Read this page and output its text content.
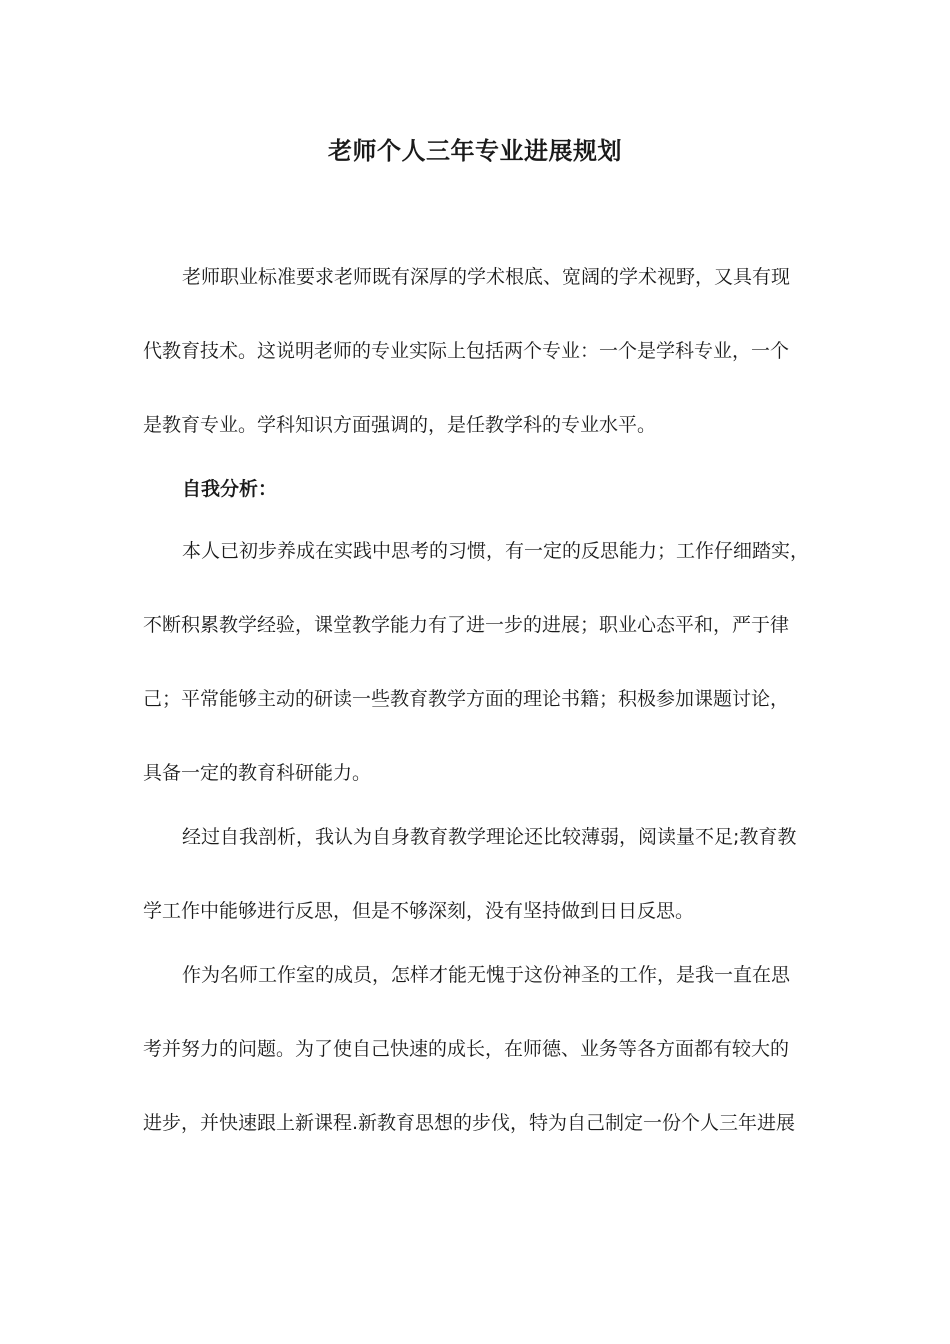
老师个人三年专业进展规划
老师职业标准要求老师既有深厚的学术根底、宽阔的学术视野，又具有现
代教育技术。这说明老师的专业实际上包括两个专业：一个是学科专业，一个
是教育专业。学科知识方面强调的，是任教学科的专业水平。
自我分析：
本人已初步养成在实践中思考的习惯，有一定的反思能力；工作仔细踏实，
不断积累教学经验，课堂教学能力有了进一步的进展；职业心态平和，严于律
己；平常能够主动的研读一些教育教学方面的理论书籍；积极参加课题讨论，
具备一定的教育科研能力。
经过自我剖析，我认为自身教育教学理论还比较薄弱，阅读量不足;教育教
学工作中能够进行反思，但是不够深刻，没有坚持做到日日反思。
作为名师工作室的成员，怎样才能无愧于这份神圣的工作，是我一直在思
考并努力的问题。为了使自己快速的成长，在师德、业务等各方面都有较大的
进步，并快速跟上新课程.新教育思想的步伐，特为自己制定一份个人三年进展
